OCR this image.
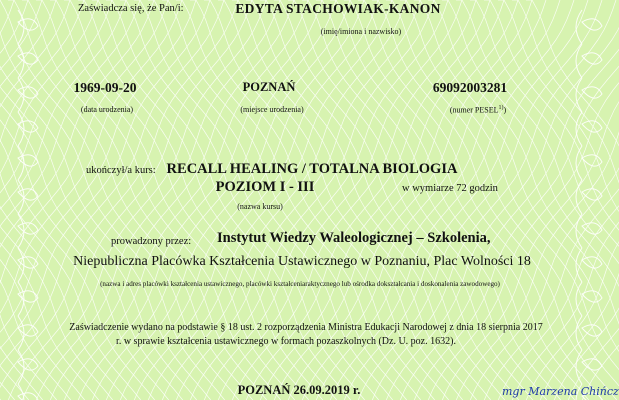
Zaświadcza się, że Pan/i:	EDYTA STACHOWIAK-KANON
(imię/imiona i nazwisko)
1969-09-20
(data urodzenia)
POZNAŃ
(miejsce urodzenia)
69092003281
(numer PESEL$^{1)}$)
ukończył/a kurs: RECALL HEALING / TOTALNA BIOLOGIA
POZIOM I - III	w wymiarze 72 godzin
(nazwa kursu)
prowadzony przez: Instytut Wiedzy Waleologicznej – Szkolenia,
Niepubliczna Placówka Kształcenia Ustawicznego w Poznaniu, Plac Wolności 18
(nazwa i adres placówki kształcenia ustawicznego, placówki kształceniaraktycznego lub ośrodka dokształcania i doskonalenia zawodowego)
Zaświadczenie wydano na podstawie § 18 ust. 2 rozporządzenia Ministra Edukacji Narodowej z dnia 18 sierpnia 2017
r. w sprawie kształcenia ustawicznego w formach pozaszkolnych (Dz. U. poz. 1632).
POZNAŃ 26.09.2019 r.	mgr Marzena Chińcz
